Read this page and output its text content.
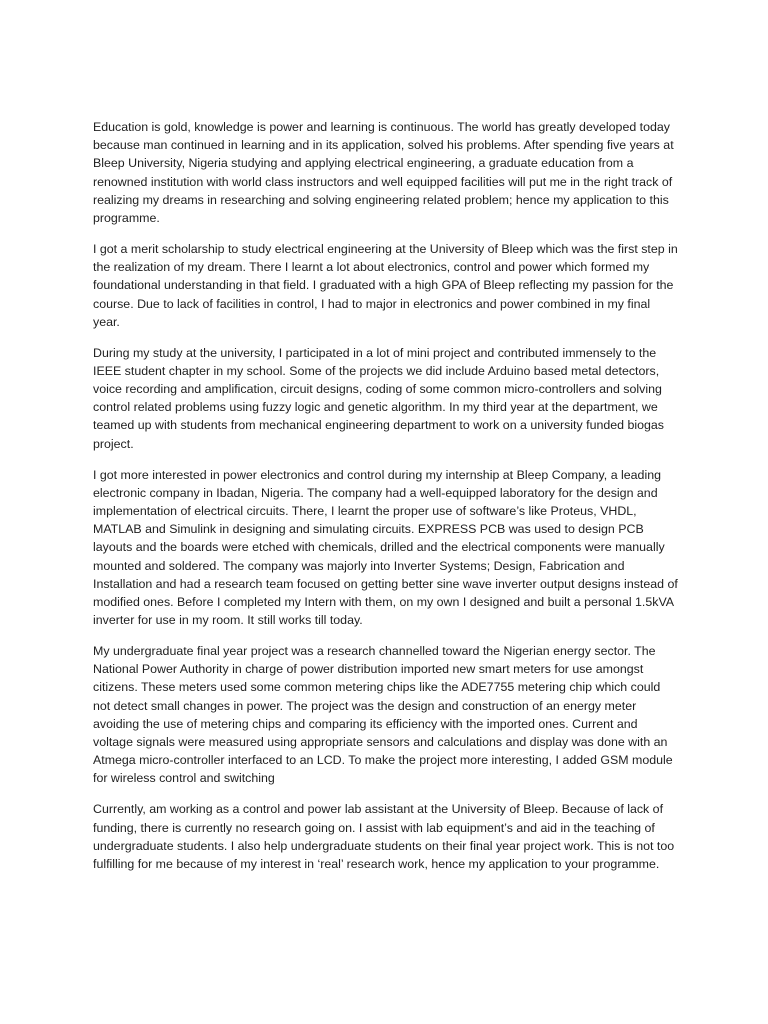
Education is gold, knowledge is power and learning is continuous. The world has greatly developed today because man continued in learning and in its application, solved his problems. After spending five years at Bleep University, Nigeria studying and applying electrical engineering, a graduate education from a renowned institution with world class instructors and well equipped facilities will put me in the right track of realizing my dreams in researching and solving engineering related problem; hence my application to this programme.

I got a merit scholarship to study electrical engineering at the University of Bleep which was the first step in the realization of my dream. There I learnt a lot about electronics, control and power which formed my foundational understanding in that field. I graduated with a high GPA of Bleep reflecting my passion for the course. Due to lack of facilities in control, I had to major in electronics and power combined in my final year.

During my study at the university, I participated in a lot of mini project and contributed immensely to the IEEE student chapter in my school. Some of the projects we did include Arduino based metal detectors, voice recording and amplification, circuit designs, coding of some common micro-controllers and solving control related problems using fuzzy logic and genetic algorithm. In my third year at the department, we teamed up with students from mechanical engineering department to work on a university funded biogas project.

I got more interested in power electronics and control during my internship at Bleep Company, a leading electronic company in Ibadan, Nigeria. The company had a well-equipped laboratory for the design and implementation of electrical circuits. There, I learnt the proper use of software’s like Proteus, VHDL, MATLAB and Simulink in designing and simulating circuits. EXPRESS PCB was used to design PCB layouts and the boards were etched with chemicals, drilled and the electrical components were manually mounted and soldered. The company was majorly into Inverter Systems; Design, Fabrication and Installation and had a research team focused on getting better sine wave inverter output designs instead of modified ones. Before I completed my Intern with them, on my own I designed and built a personal 1.5kVA inverter for use in my room. It still works till today.

My undergraduate final year project was a research channelled toward the Nigerian energy sector. The National Power Authority in charge of power distribution imported new smart meters for use amongst citizens. These meters used some common metering chips like the ADE7755 metering chip which could not detect small changes in power. The project was the design and construction of an energy meter avoiding the use of metering chips and comparing its efficiency with the imported ones. Current and voltage signals were measured using appropriate sensors and calculations and display was done with an Atmega micro-controller interfaced to an LCD. To make the project more interesting, I added GSM module for wireless control and switching

Currently, am working as a control and power lab assistant at the University of Bleep. Because of lack of funding, there is currently no research going on. I assist with lab equipment’s and aid in the teaching of undergraduate students. I also help undergraduate students on their final year project work. This is not too fulfilling for me because of my interest in ‘real’ research work, hence my application to your programme.
